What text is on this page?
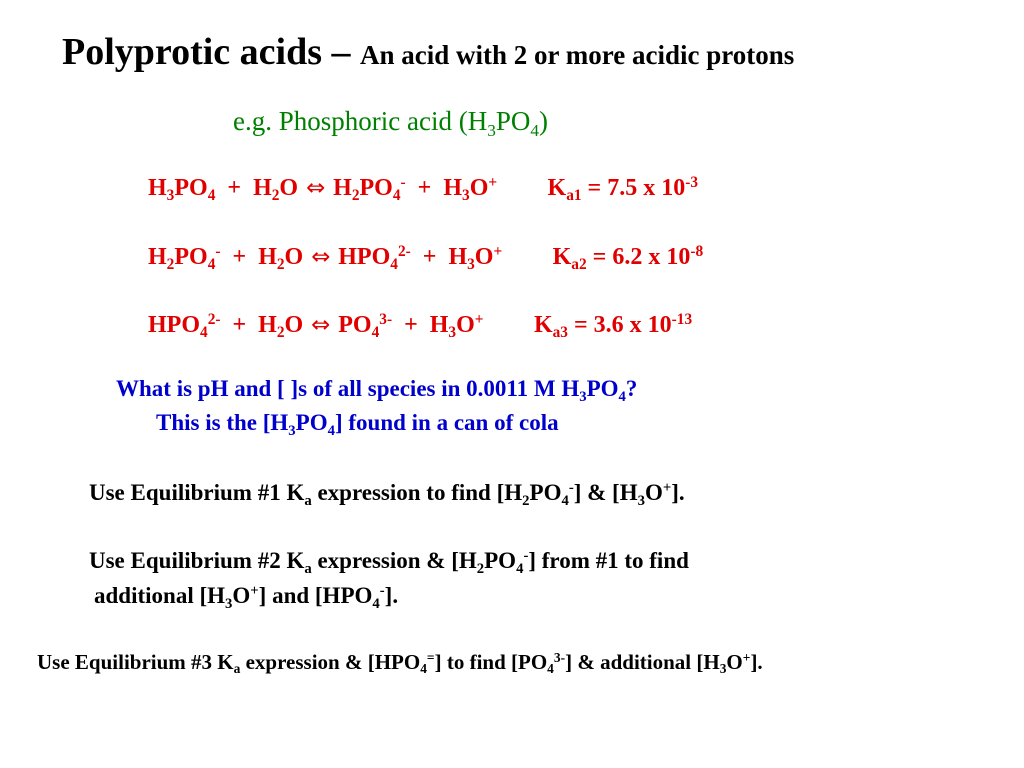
Polyprotic acids – An acid with 2 or more acidic protons
e.g. Phosphoric acid $(H_3PO_4)$
$H_3PO_4 + H_2O$ ⇔ $H_2PO_4^- + H_3O^+$ $K_{a1} = 7.5$ x $10^{-3}$
$H_2PO_4^- + H_2O$ ⇔ $HPO_4^{2-} + H_3O^+$ $K_{a2} = 6.2$ x $10^{-8}$
$HPO_4^{2-} + H_2O$ ⇔ $PO_4^{3-} + H_3O^+$ $K_{a3} = 3.6$ x $10^{-13}$
What is pH and [ ]s of all species in 0.0011 M $H_3PO_4$?
This is the $[H_3PO_4]$ found in a can of cola
Use Equilibrium #1 $K_a$ expression to find $[H_2PO_4^-]$ & $[H_3O^+]$.
Use Equilibrium #2 $K_a$ expression & $[H_2PO_4^-]$ from #1 to find
additional $[H_3O^+]$ and $[HPO_4^-]$.
Use Equilibrium #3 $K_a$ expression & $[HPO_4^=]$ to find $[PO_4^{3-}]$ & additional $[H_3O^+]$.
